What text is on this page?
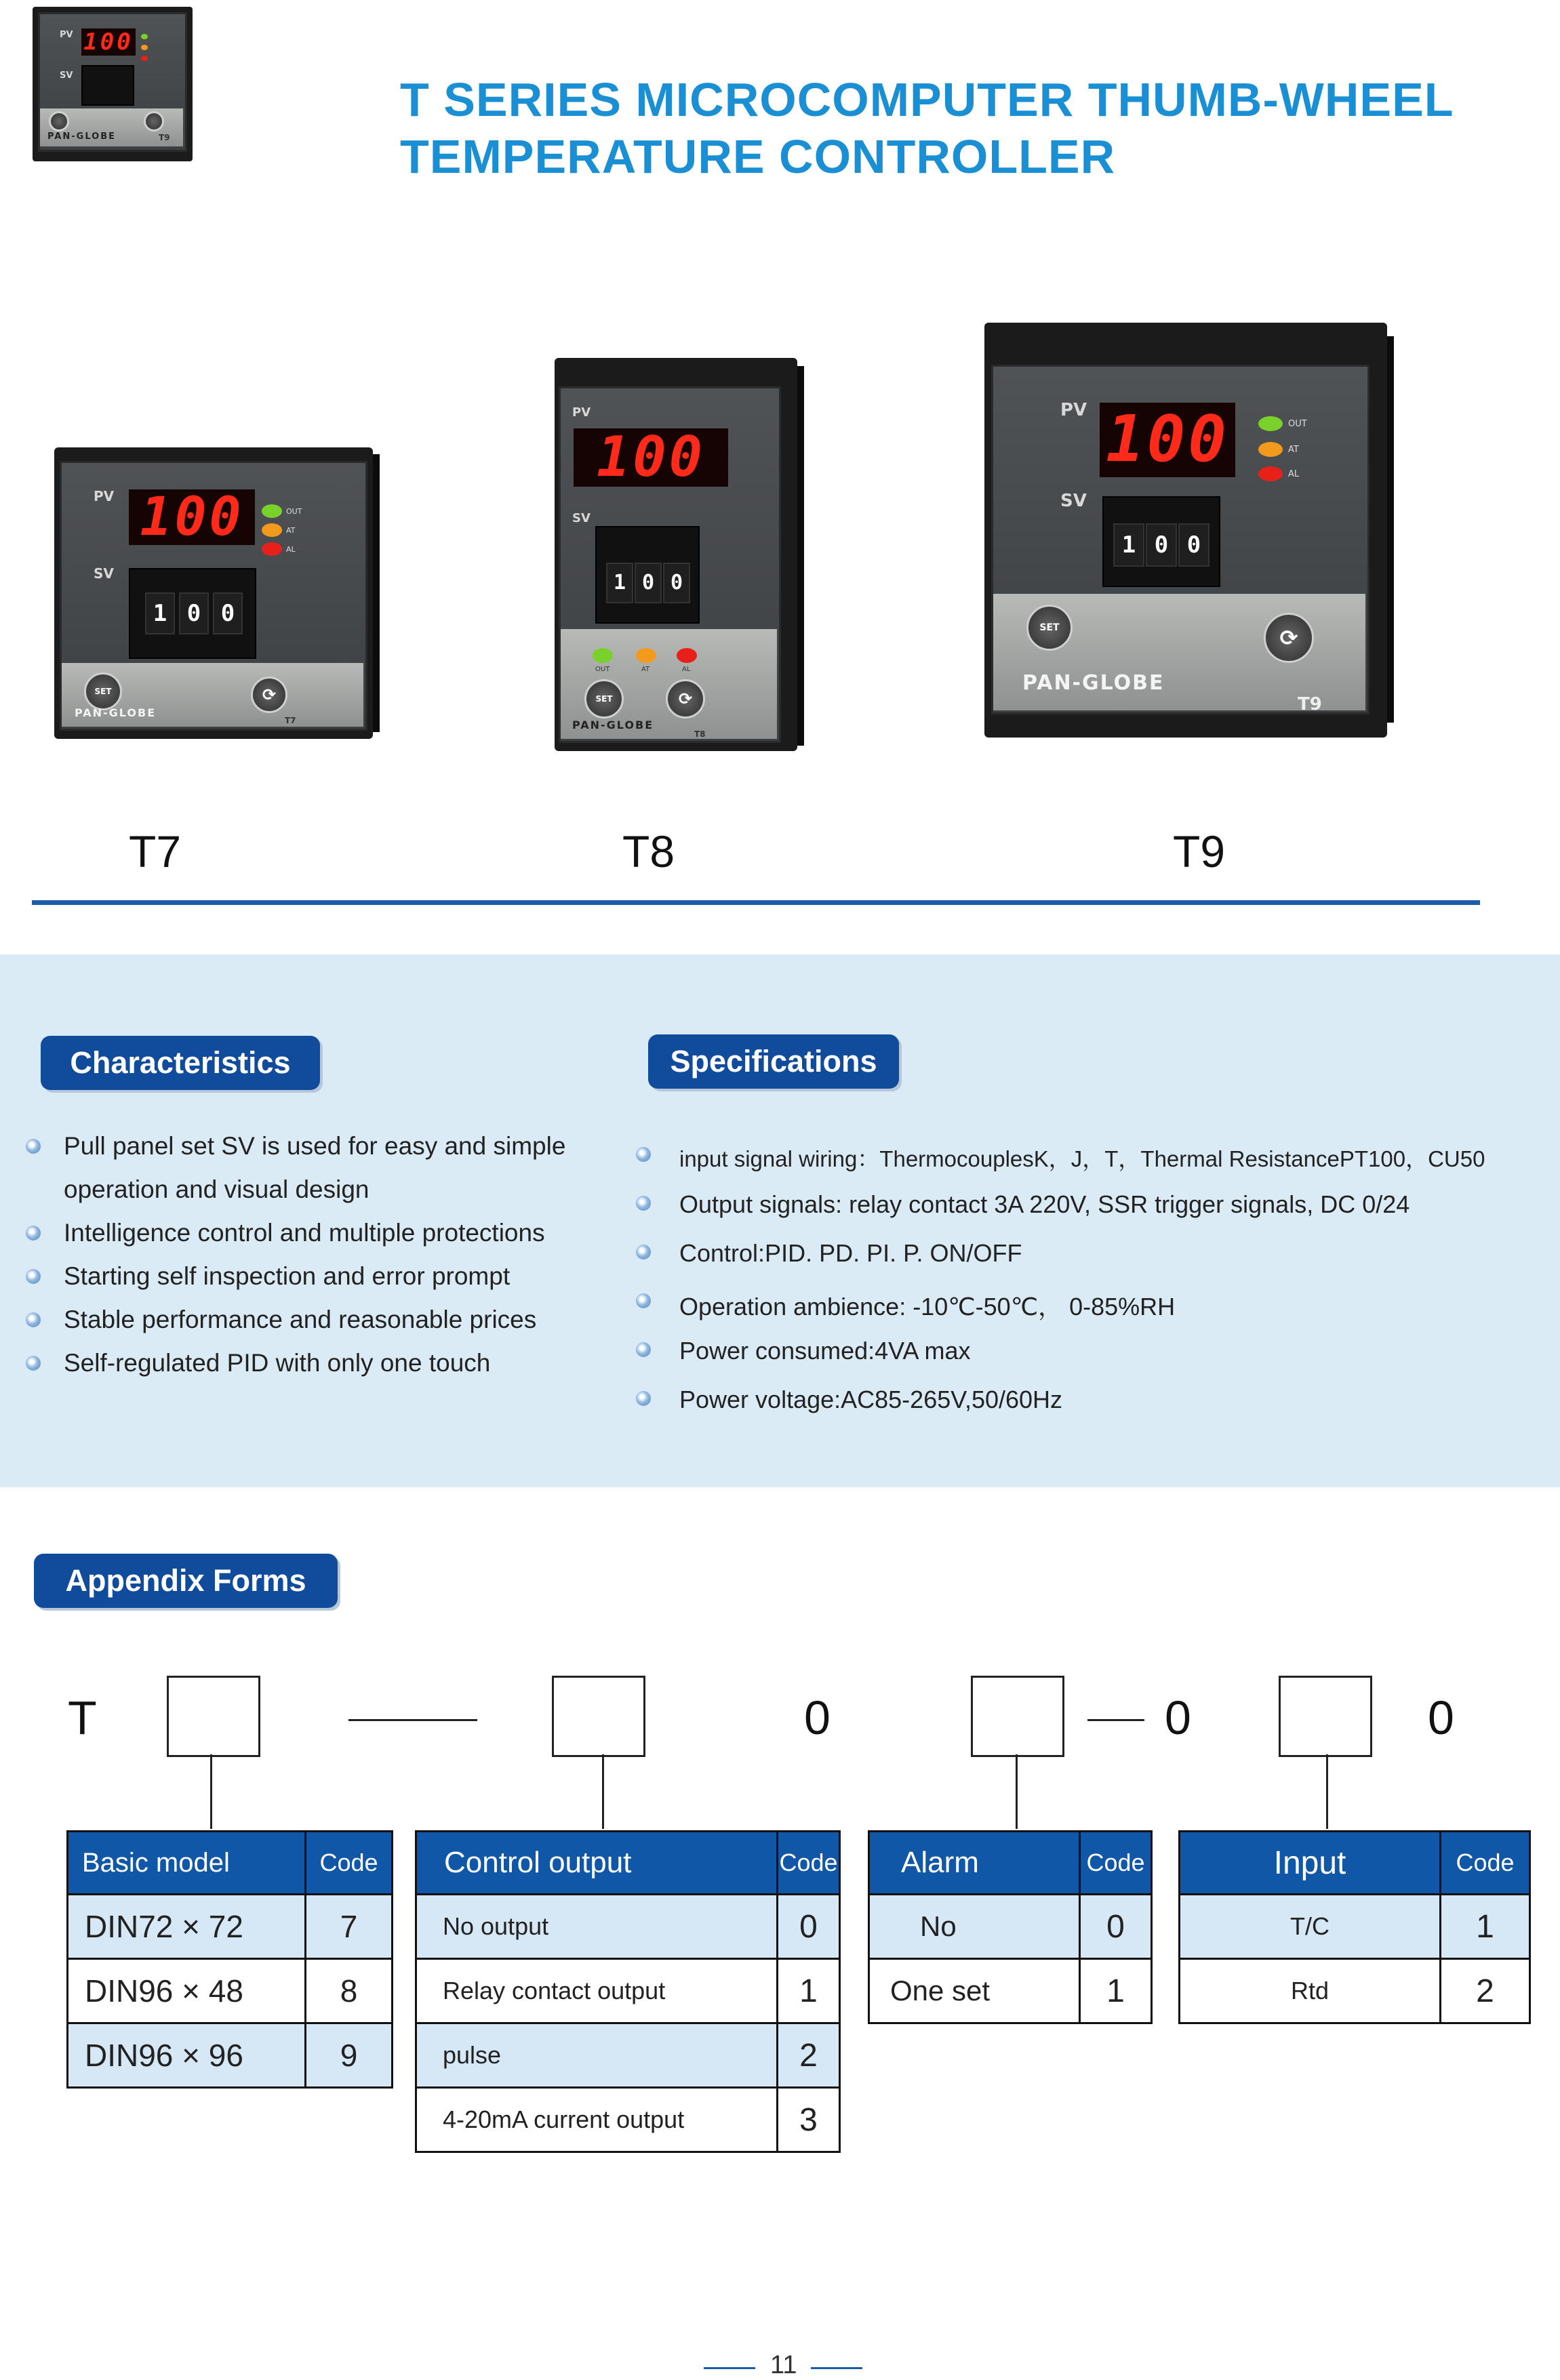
PV 100
SV
PAN-GLOBE	T9
T SERIES MICROCOMPUTER THUMB-WHEEL
TEMPERATURE CONTROLLER
PV 100	OUT
AT
AL
SV
1 0 0
SET	⟳
PAN-GLOBE
T7
PV
100
SV
1 0 0
OUT	AT	AL
SET	⟳
PAN-GLOBE
T8
PV 100	OUT
AT
AL
SV
1 0 0
SET	⟳
PAN-GLOBE
T9
T7	T8	T9
Characteristics	Specifications
Pull panel set SV is used for easy and simple
operation and visual design
Intelligence control and multiple protections
Starting self inspection and error prompt
Stable performance and reasonable prices
Self-regulated PID with only one touch
input signal wiring：ThermocouplesK，J，T，Thermal ResistancePT100，CU50
Output signals: relay contact 3A 220V, SSR trigger signals, DC 0/24
Control:PID. PD. PI. P. ON/OFF
Operation ambience: -10℃-50℃， 0-85%RH
Power consumed:4VA max
Power voltage:AC85-265V,50/60Hz
Appendix Forms
T	0	0	0
Basic model	Code
DIN72 × 72	7
DIN96 × 48	8
DIN96 × 96	9
Control output	Code
No output	0
Relay contact output	1
pulse	2
4-20mA current output	3
Alarm	Code
No	0
One set	1
Input	Code
T/C	1
Rtd	2
11
